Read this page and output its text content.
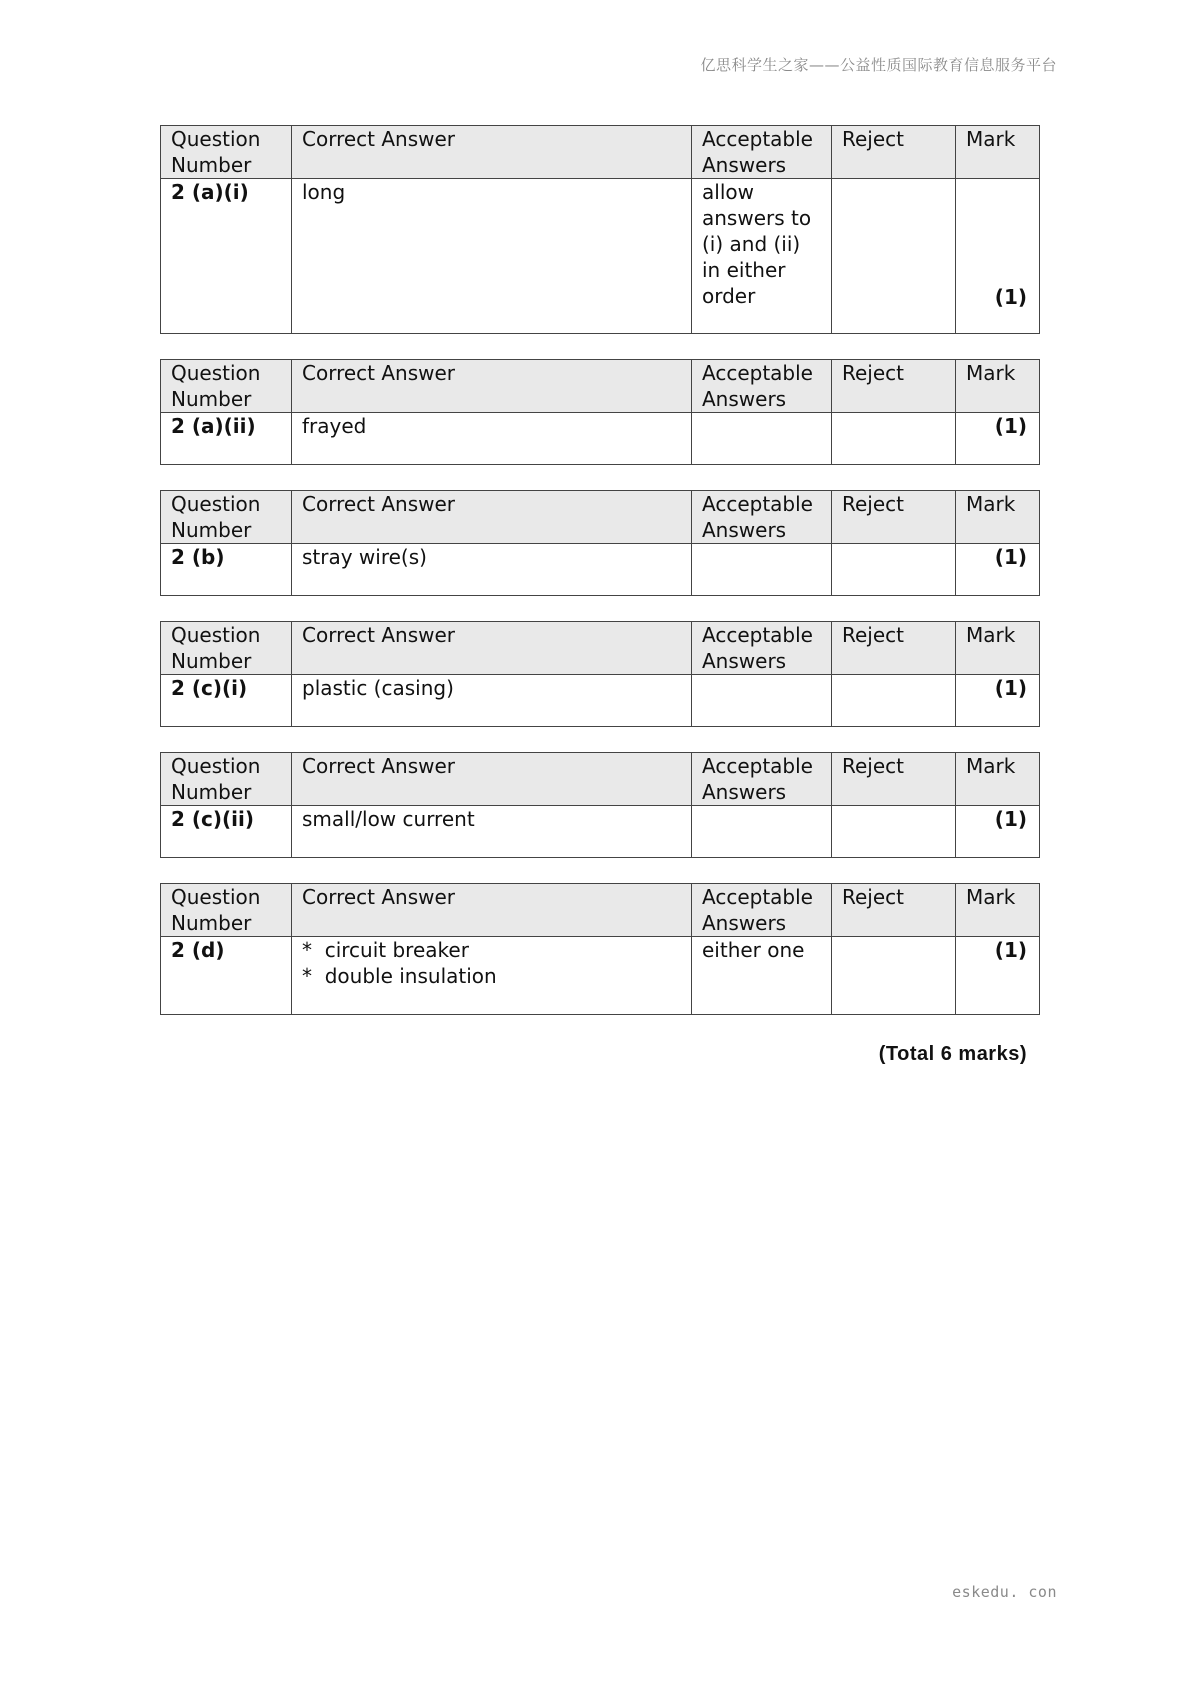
亿思科学生之家——公益性质国际教育信息服务平台
Question Number	Correct Answer	Acceptable Answers	Reject	Mark
2 (a)(i)	long	allow answers to (i) and (ii) in either order		(1)
Question Number	Correct Answer	Acceptable Answers	Reject	Mark
2 (a)(ii)	frayed			(1)
Question Number	Correct Answer	Acceptable Answers	Reject	Mark
2 (b)	stray wire(s)			(1)
Question Number	Correct Answer	Acceptable Answers	Reject	Mark
2 (c)(i)	plastic (casing)			(1)
Question Number	Correct Answer	Acceptable Answers	Reject	Mark
2 (c)(ii)	small/low current			(1)
Question Number	Correct Answer	Acceptable Answers	Reject	Mark
2 (d)	*  circuit breaker
*  double insulation	either one		(1)
(Total 6 marks)
eskedu. con
